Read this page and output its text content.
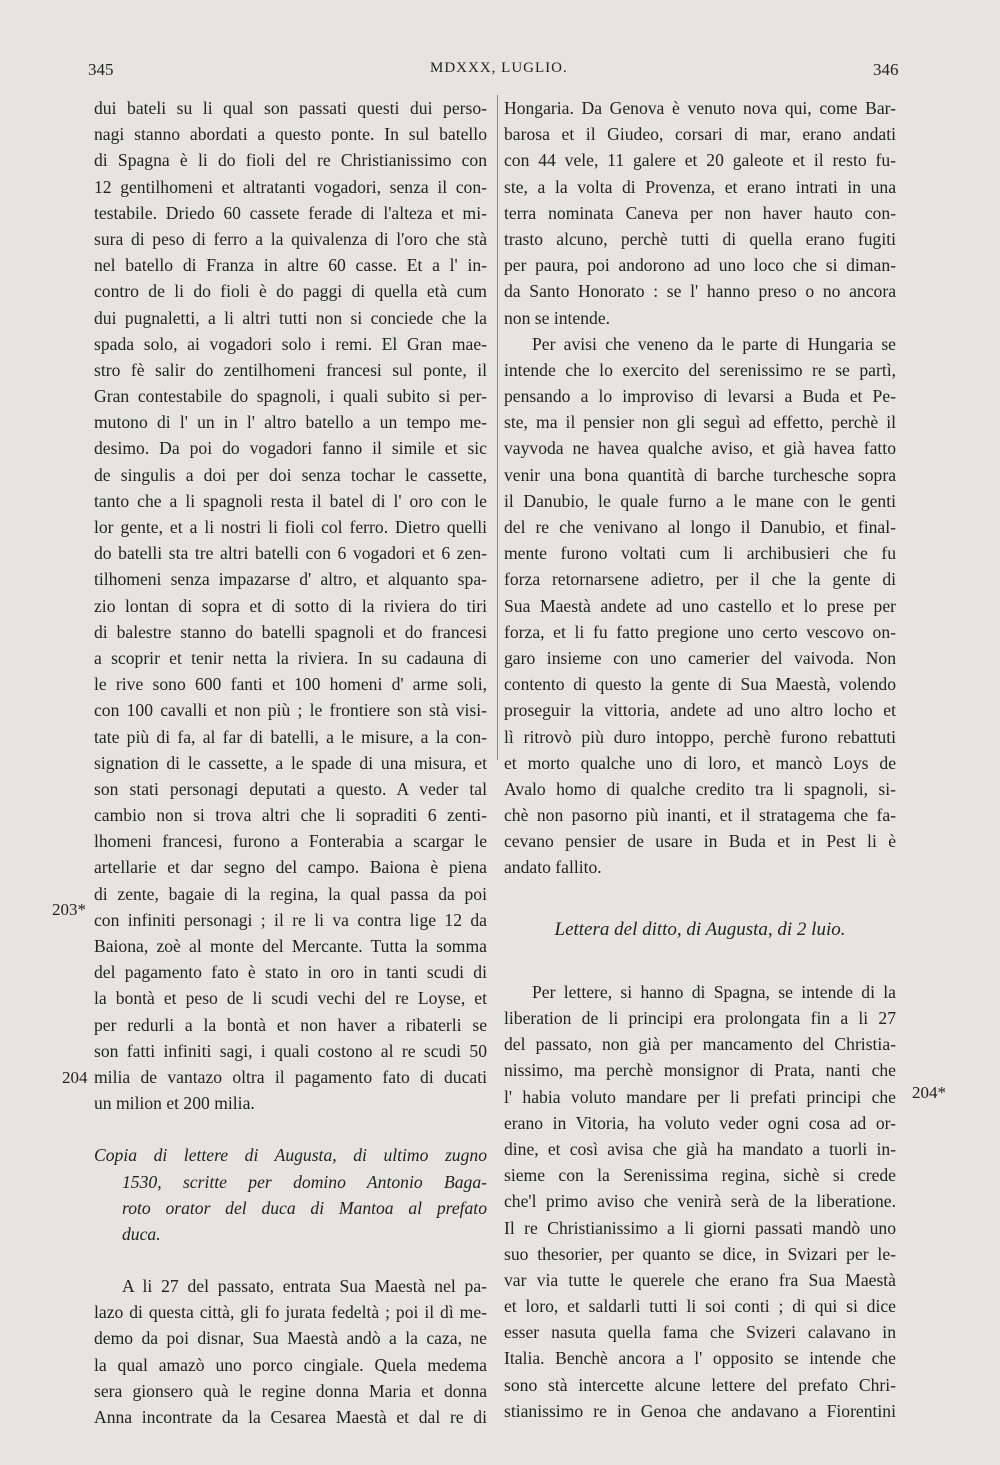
345	MDXXX, LUGLIO.	346
203*
204
204*
dui bateli su li qual son passati questi dui perso-
nagi stanno abordati a questo ponte. In sul batello
di Spagna è li do fioli del re Christianissimo con
12 gentilhomeni et altratanti vogadori, senza il con-
testabile. Driedo 60 cassete ferade di l'alteza et mi-
sura di peso di ferro a la quivalenza di l'oro che stà
nel batello di Franza in altre 60 casse. Et a l' in-
contro de li do fioli è do paggi di quella età cum
dui pugnaletti, a li altri tutti non si conciede che la
spada solo, ai vogadori solo i remi. El Gran mae-
stro fè salir do zentilhomeni francesi sul ponte, il
Gran contestabile do spagnoli, i quali subito si per-
mutono di l' un in l' altro batello a un tempo me-
desimo. Da poi do vogadori fanno il simile et sic
de singulis a doi per doi senza tochar le cassette,
tanto che a li spagnoli resta il batel di l' oro con le
lor gente, et a li nostri li fioli col ferro. Dietro quelli
do batelli sta tre altri batelli con 6 vogadori et 6 zen-
tilhomeni senza impazarse d' altro, et alquanto spa-
zio lontan di sopra et di sotto di la riviera do tiri
di balestre stanno do batelli spagnoli et do francesi
a scoprir et tenir netta la riviera. In su cadauna di
le rive sono 600 fanti et 100 homeni d' arme soli,
con 100 cavalli et non più ; le frontiere son stà visi-
tate più di fa, al far di batelli, a le misure, a la con-
signation di le cassette, a le spade di una misura, et
son stati personagi deputati a questo. A veder tal
cambio non si trova altri che li sopraditi 6 zenti-
lhomeni francesi, furono a Fonterabia a scargar le
artellarie et dar segno del campo. Baiona è piena
di zente, bagaie di la regina, la qual passa da poi
con infiniti personagi ; il re li va contra lige 12 da
Baiona, zoè al monte del Mercante. Tutta la somma
del pagamento fato è stato in oro in tanti scudi di
la bontà et peso de li scudi vechi del re Loyse, et
per redurli a la bontà et non haver a ribaterli se
son fatti infiniti sagi, i quali costono al re scudi 50
milia de vantazo oltra il pagamento fato di ducati
un milion et 200 milia.
Copia di lettere di Augusta, di ultimo zugno
1530, scritte per domino Antonio Baga-
roto orator del duca di Mantoa al prefato
duca.
A li 27 del passato, entrata Sua Maestà nel pa-
lazo di questa città, gli fo jurata fedeltà ; poi il dì me-
demo da poi disnar, Sua Maestà andò a la caza, ne
la qual amazò uno porco cingiale. Quela medema
sera gionsero quà le regine donna Maria et donna
Anna incontrate da la Cesarea Maestà et dal re di
Hongaria. Da Genova è venuto nova qui, come Bar-
barosa et il Giudeo, corsari di mar, erano andati
con 44 vele, 11 galere et 20 galeote et il resto fu-
ste, a la volta di Provenza, et erano intrati in una
terra nominata Caneva per non haver hauto con-
trasto alcuno, perchè tutti di quella erano fugiti
per paura, poi andorono ad uno loco che si diman-
da Santo Honorato : se l' hanno preso o no ancora
non se intende.
Per avisi che veneno da le parte di Hungaria se
intende che lo exercito del serenissimo re se partì,
pensando a lo improviso di levarsi a Buda et Pe-
ste, ma il pensier non gli seguì ad effetto, perchè il
vayvoda ne havea qualche aviso, et già havea fatto
venir una bona quantità di barche turchesche sopra
il Danubio, le quale furno a le mane con le genti
del re che venivano al longo il Danubio, et final-
mente furono voltati cum li archibusieri che fu
forza retornarsene adietro, per il che la gente di
Sua Maestà andete ad uno castello et lo prese per
forza, et li fu fatto pregione uno certo vescovo on-
garo insieme con uno camerier del vaivoda. Non
contento di questo la gente di Sua Maestà, volendo
proseguir la vittoria, andete ad uno altro locho et
lì ritrovò più duro intoppo, perchè furono rebattuti
et morto qualche uno di loro, et mancò Loys de
Avalo homo di qualche credito tra li spagnoli, si-
chè non pasorno più inanti, et il stratagema che fa-
cevano pensier de usare in Buda et in Pest li è
andato fallito.
Lettera del ditto, di Augusta, di 2 luio.
Per lettere, si hanno di Spagna, se intende di la
liberation de li principi era prolongata fin a li 27
del passato, non già per mancamento del Christia-
nissimo, ma perchè monsignor di Prata, nanti che
l' habia voluto mandare per li prefati principi che
erano in Vitoria, ha voluto veder ogni cosa ad or-
dine, et così avisa che già ha mandato a tuorli in-
sieme con la Serenissima regina, sichè si crede
che'l primo aviso che venirà serà de la liberatione.
Il re Christianissimo a li giorni passati mandò uno
suo thesorier, per quanto se dice, in Svizari per le-
var via tutte le querele che erano fra Sua Maestà
et loro, et saldarli tutti li soi conti ; di qui si dice
esser nasuta quella fama che Svizeri calavano in
Italia. Benchè ancora a l' opposito se intende che
sono stà intercette alcune lettere del prefato Chri-
stianissimo re in Genoa che andavano a Fiorentini
